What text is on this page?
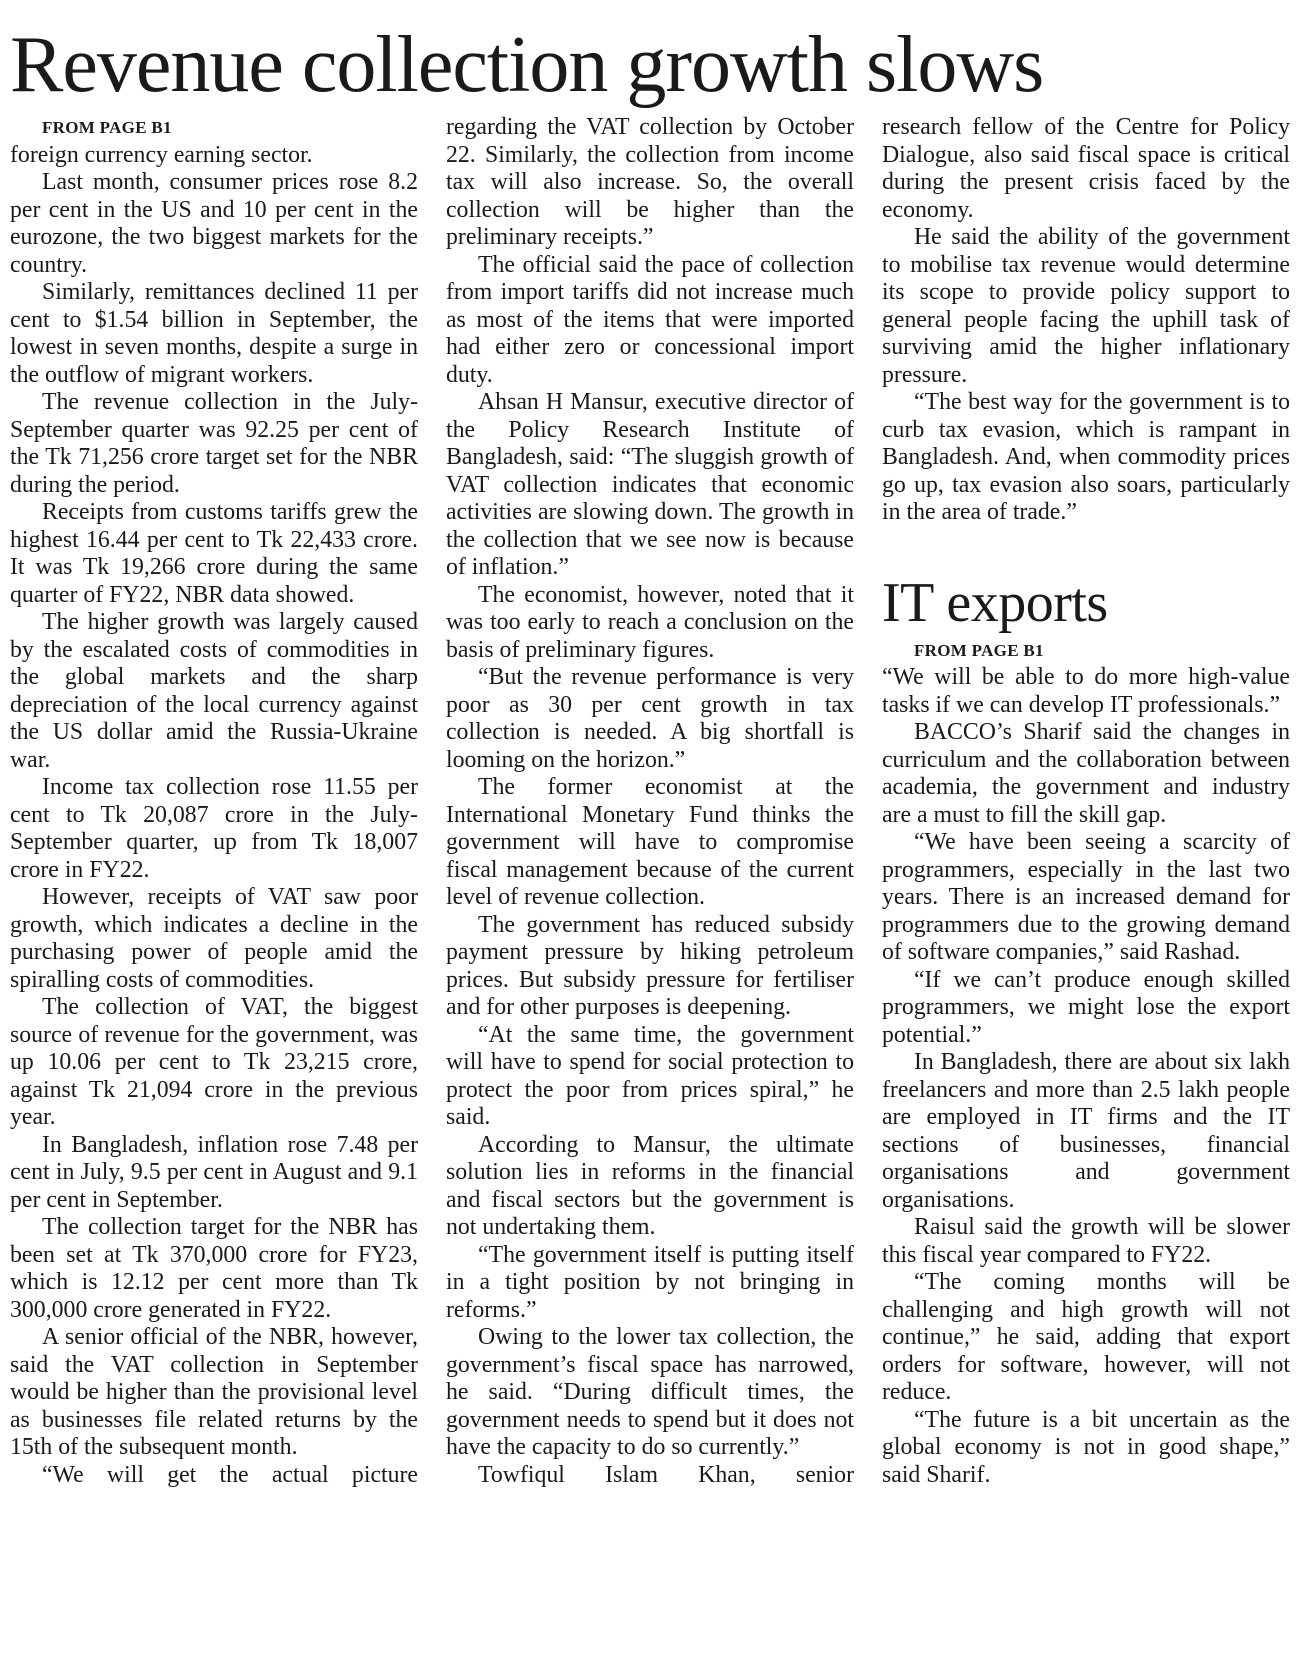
Revenue collection growth slows

FROM PAGE B1

foreign currency earning sector.

Last month, consumer prices rose 8.2 per cent in the US and 10 per cent in the eurozone, the two biggest markets for the country.

Similarly, remittances declined 11 per cent to $1.54 billion in September, the lowest in seven months, despite a surge in the outflow of migrant workers.

The revenue collection in the July-September quarter was 92.25 per cent of the Tk 71,256 crore target set for the NBR during the period.

Receipts from customs tariffs grew the highest 16.44 per cent to Tk 22,433 crore. It was Tk 19,266 crore during the same quarter of FY22, NBR data showed.

The higher growth was largely caused by the escalated costs of commodities in the global markets and the sharp depreciation of the local currency against the US dollar amid the Russia-Ukraine war.

Income tax collection rose 11.55 per cent to Tk 20,087 crore in the July-September quarter, up from Tk 18,007 crore in FY22.

However, receipts of VAT saw poor growth, which indicates a decline in the purchasing power of people amid the spiralling costs of commodities.

The collection of VAT, the biggest source of revenue for the government, was up 10.06 per cent to Tk 23,215 crore, against Tk 21,094 crore in the previous year.

In Bangladesh, inflation rose 7.48 per cent in July, 9.5 per cent in August and 9.1 per cent in September.

The collection target for the NBR has been set at Tk 370,000 crore for FY23, which is 12.12 per cent more than Tk 300,000 crore generated in FY22.

A senior official of the NBR, however, said the VAT collection in September would be higher than the provisional level as businesses file related returns by the 15th of the subsequent month.

“We will get the actual picture

regarding the VAT collection by October 22. Similarly, the collection from income tax will also increase. So, the overall collection will be higher than the preliminary receipts.”

The official said the pace of collection from import tariffs did not increase much as most of the items that were imported had either zero or concessional import duty.

Ahsan H Mansur, executive director of the Policy Research Institute of Bangladesh, said: “The sluggish growth of VAT collection indicates that economic activities are slowing down. The growth in the collection that we see now is because of inflation.”

The economist, however, noted that it was too early to reach a conclusion on the basis of preliminary figures.

“But the revenue performance is very poor as 30 per cent growth in tax collection is needed. A big shortfall is looming on the horizon.”

The former economist at the International Monetary Fund thinks the government will have to compromise fiscal management because of the current level of revenue collection.

The government has reduced subsidy payment pressure by hiking petroleum prices. But subsidy pressure for fertiliser and for other purposes is deepening.

“At the same time, the government will have to spend for social protection to protect the poor from prices spiral,” he said.

According to Mansur, the ultimate solution lies in reforms in the financial and fiscal sectors but the government is not undertaking them.

“The government itself is putting itself in a tight position by not bringing in reforms.”

Owing to the lower tax collection, the government’s fiscal space has narrowed, he said. “During difficult times, the government needs to spend but it does not have the capacity to do so currently.”

Towfiqul Islam Khan, senior

research fellow of the Centre for Policy Dialogue, also said fiscal space is critical during the present crisis faced by the economy.

He said the ability of the government to mobilise tax revenue would determine its scope to provide policy support to general people facing the uphill task of surviving amid the higher inflationary pressure.

“The best way for the government is to curb tax evasion, which is rampant in Bangladesh. And, when commodity prices go up, tax evasion also soars, particularly in the area of trade.”

IT exports

FROM PAGE B1

“We will be able to do more high-value tasks if we can develop IT professionals.”

BACCO’s Sharif said the changes in curriculum and the collaboration between academia, the government and industry are a must to fill the skill gap.

“We have been seeing a scarcity of programmers, especially in the last two years. There is an increased demand for programmers due to the growing demand of software companies,” said Rashad.

“If we can’t produce enough skilled programmers, we might lose the export potential.”

In Bangladesh, there are about six lakh freelancers and more than 2.5 lakh people are employed in IT firms and the IT sections of businesses, financial organisations and government organisations.

Raisul said the growth will be slower this fiscal year compared to FY22.

“The coming months will be challenging and high growth will not continue,” he said, adding that export orders for software, however, will not reduce.

“The future is a bit uncertain as the global economy is not in good shape,” said Sharif.
